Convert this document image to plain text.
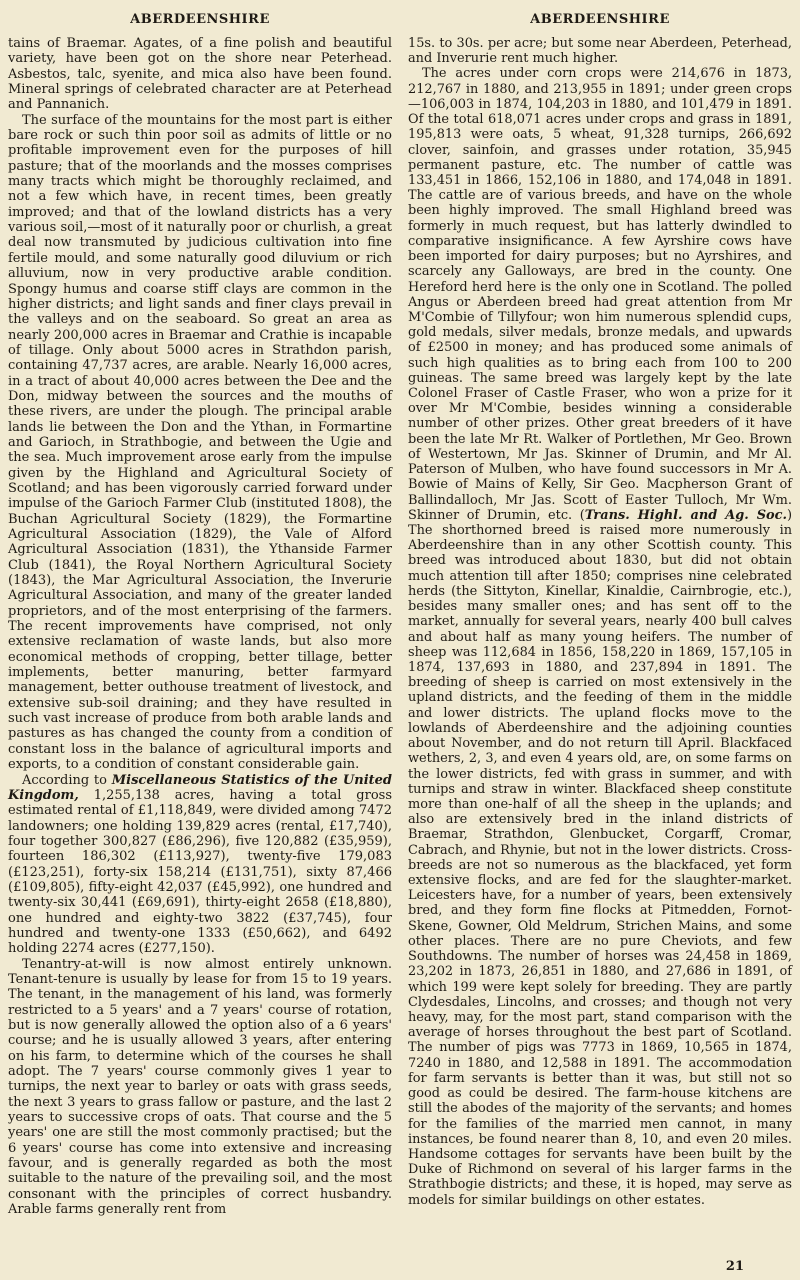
ABERDEENSHIRE

tains of Braemar. Agates, of a fine polish and beautiful variety, have been got on the shore near Peterhead. Asbestos, talc, syenite, and mica also have been found. Mineral springs of celebrated character are at Peterhead and Pannanich.

The surface of the mountains for the most part is either bare rock or such thin poor soil as admits of little or no profitable improvement even for the purposes of hill pasture; that of the moorlands and the mosses comprises many tracts which might be thoroughly reclaimed, and not a few which have, in recent times, been greatly improved; and that of the lowland districts has a very various soil,—most of it naturally poor or churlish, a great deal now transmuted by judicious cultivation into fine fertile mould, and some naturally good diluvium or rich alluvium, now in very productive arable condition. Spongy humus and coarse stiff clays are common in the higher districts; and light sands and finer clays prevail in the valleys and on the seaboard. So great an area as nearly 200,000 acres in Braemar and Crathie is incapable of tillage. Only about 5000 acres in Strathdon parish, containing 47,737 acres, are arable. Nearly 16,000 acres, in a tract of about 40,000 acres between the Dee and the Don, midway between the sources and the mouths of these rivers, are under the plough. The principal arable lands lie between the Don and the Ythan, in Formartine and Garioch, in Strathbogie, and between the Ugie and the sea. Much improvement arose early from the impulse given by the Highland and Agricultural Society of Scotland; and has been vigorously carried forward under impulse of the Garioch Farmer Club (instituted 1808), the Buchan Agricultural Society (1829), the Formartine Agricultural Association (1829), the Vale of Alford Agricultural Association (1831), the Ythanside Farmer Club (1841), the Royal Northern Agricultural Society (1843), the Mar Agricultural Association, the Inverurie Agricultural Association, and many of the greater landed proprietors, and of the most enterprising of the farmers. The recent improvements have comprised, not only extensive reclamation of waste lands, but also more economical methods of cropping, better tillage, better implements, better manuring, better farmyard management, better outhouse treatment of livestock, and extensive sub-soil draining; and they have resulted in such vast increase of produce from both arable lands and pastures as has changed the county from a condition of constant loss in the balance of agricultural imports and exports, to a condition of constant considerable gain.

According to Miscellaneous Statistics of the United Kingdom, 1,255,138 acres, having a total gross estimated rental of £1,118,849, were divided among 7472 landowners; one holding 139,829 acres (rental, £17,740), four together 300,827 (£86,296), five 120,882 (£35,959), fourteen 186,302 (£113,927), twenty-five 179,083 (£123,251), forty-six 158,214 (£131,751), sixty 87,466 (£109,805), fifty-eight 42,037 (£45,992), one hundred and twenty-six 30,441 (£69,691), thirty-eight 2658 (£18,880), one hundred and eighty-two 3822 (£37,745), four hundred and twenty-one 1333 (£50,662), and 6492 holding 2274 acres (£277,150).

Tenantry-at-will is now almost entirely unknown. Tenant-tenure is usually by lease for from 15 to 19 years. The tenant, in the management of his land, was formerly restricted to a 5 years' and a 7 years' course of rotation, but is now generally allowed the option also of a 6 years' course; and he is usually allowed 3 years, after entering on his farm, to determine which of the courses he shall adopt. The 7 years' course commonly gives 1 year to turnips, the next year to barley or oats with grass seeds, the next 3 years to grass fallow or pasture, and the last 2 years to successive crops of oats. That course and the 5 years' one are still the most commonly practised; but the 6 years' course has come into extensive and increasing favour, and is generally regarded as both the most suitable to the nature of the prevailing soil, and the most consonant with the principles of correct husbandry. Arable farms generally rent from

ABERDEENSHIRE

15s. to 30s. per acre; but some near Aberdeen, Peterhead, and Inverurie rent much higher.

The acres under corn crops were 214,676 in 1873, 212,767 in 1880, and 213,955 in 1891; under green crops —106,003 in 1874, 104,203 in 1880, and 101,479 in 1891. Of the total 618,071 acres under crops and grass in 1891, 195,813 were oats, 5 wheat, 91,328 turnips, 266,692 clover, sainfoin, and grasses under rotation, 35,945 permanent pasture, etc. The number of cattle was 133,451 in 1866, 152,106 in 1880, and 174,048 in 1891. The cattle are of various breeds, and have on the whole been highly improved. The small Highland breed was formerly in much request, but has latterly dwindled to comparative insignificance. A few Ayrshire cows have been imported for dairy purposes; but no Ayrshires, and scarcely any Galloways, are bred in the county. One Hereford herd here is the only one in Scotland. The polled Angus or Aberdeen breed had great attention from Mr M'Combie of Tillyfour; won him numerous splendid cups, gold medals, silver medals, bronze medals, and upwards of £2500 in money; and has produced some animals of such high qualities as to bring each from 100 to 200 guineas. The same breed was largely kept by the late Colonel Fraser of Castle Fraser, who won a prize for it over Mr M'Combie, besides winning a considerable number of other prizes. Other great breeders of it have been the late Mr Rt. Walker of Portlethen, Mr Geo. Brown of Westertown, Mr Jas. Skinner of Drumin, and Mr Al. Paterson of Mulben, who have found successors in Mr A. Bowie of Mains of Kelly, Sir Geo. Macpherson Grant of Ballindalloch, Mr Jas. Scott of Easter Tulloch, Mr Wm. Skinner of Drumin, etc. (Trans. Highl. and Ag. Soc.) The shorthorned breed is raised more numerously in Aberdeenshire than in any other Scottish county. This breed was introduced about 1830, but did not obtain much attention till after 1850; comprises nine celebrated herds (the Sittyton, Kinellar, Kinaldie, Cairnbrogie, etc.), besides many smaller ones; and has sent off to the market, annually for several years, nearly 400 bull calves and about half as many young heifers. The number of sheep was 112,684 in 1856, 158,220 in 1869, 157,105 in 1874, 137,693 in 1880, and 237,894 in 1891. The breeding of sheep is carried on most extensively in the upland districts, and the feeding of them in the middle and lower districts. The upland flocks move to the lowlands of Aberdeenshire and the adjoining counties about November, and do not return till April. Blackfaced wethers, 2, 3, and even 4 years old, are, on some farms on the lower districts, fed with grass in summer, and with turnips and straw in winter. Blackfaced sheep constitute more than one-half of all the sheep in the uplands; and also are extensively bred in the inland districts of Braemar, Strathdon, Glenbucket, Corgarff, Cromar, Cabrach, and Rhynie, but not in the lower districts. Cross-breeds are not so numerous as the blackfaced, yet form extensive flocks, and are fed for the slaughter-market. Leicesters have, for a number of years, been extensively bred, and they form fine flocks at Pitmedden, Fornot-Skene, Gowner, Old Meldrum, Strichen Mains, and some other places. There are no pure Cheviots, and few Southdowns. The number of horses was 24,458 in 1869, 23,202 in 1873, 26,851 in 1880, and 27,686 in 1891, of which 199 were kept solely for breeding. They are partly Clydesdales, Lincolns, and crosses; and though not very heavy, may, for the most part, stand comparison with the average of horses throughout the best part of Scotland. The number of pigs was 7773 in 1869, 10,565 in 1874, 7240 in 1880, and 12,588 in 1891. The accommodation for farm servants is better than it was, but still not so good as could be desired. The farm-house kitchens are still the abodes of the majority of the servants; and homes for the families of the married men cannot, in many instances, be found nearer than 8, 10, and even 20 miles. Handsome cottages for servants have been built by the Duke of Richmond on several of his larger farms in the Strathbogie districts; and these, it is hoped, may serve as models for similar buildings on other estates.

21
